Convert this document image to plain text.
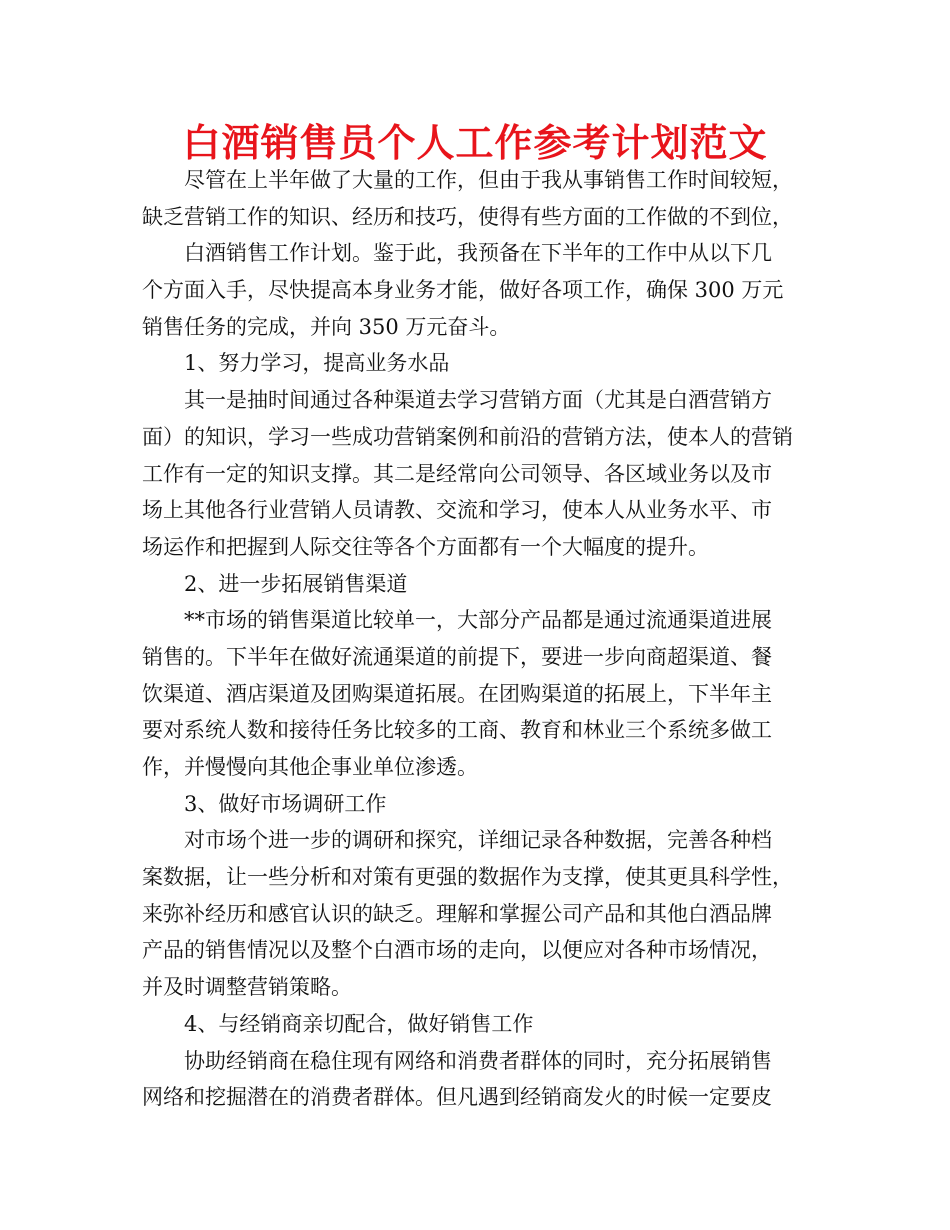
白酒销售员个人工作参考计划范文
尽管在上半年做了大量的工作，但由于我从事销售工作时间较短，
缺乏营销工作的知识、经历和技巧，使得有些方面的工作做的不到位，
白酒销售工作计划。鉴于此，我预备在下半年的工作中从以下几
个方面入手，尽快提高本身业务才能，做好各项工作，确保 300 万元
销售任务的完成，并向 350 万元奋斗。
1、努力学习，提高业务水品
其一是抽时间通过各种渠道去学习营销方面（尤其是白酒营销方
面）的知识，学习一些成功营销案例和前沿的营销方法，使本人的营销
工作有一定的知识支撑。其二是经常向公司领导、各区域业务以及市
场上其他各行业营销人员请教、交流和学习，使本人从业务水平、市
场运作和把握到人际交往等各个方面都有一个大幅度的提升。
2、进一步拓展销售渠道
**市场的销售渠道比较单一，大部分产品都是通过流通渠道进展
销售的。下半年在做好流通渠道的前提下，要进一步向商超渠道、餐
饮渠道、酒店渠道及团购渠道拓展。在团购渠道的拓展上，下半年主
要对系统人数和接待任务比较多的工商、教育和林业三个系统多做工
作，并慢慢向其他企事业单位渗透。
3、做好市场调研工作
对市场个进一步的调研和探究，详细记录各种数据，完善各种档
案数据，让一些分析和对策有更强的数据作为支撑，使其更具科学性，
来弥补经历和感官认识的缺乏。理解和掌握公司产品和其他白酒品牌
产品的销售情况以及整个白酒市场的走向，以便应对各种市场情况，
并及时调整营销策略。
4、与经销商亲切配合，做好销售工作
协助经销商在稳住现有网络和消费者群体的同时，充分拓展销售
网络和挖掘潜在的消费者群体。但凡遇到经销商发火的时候一定要皮
